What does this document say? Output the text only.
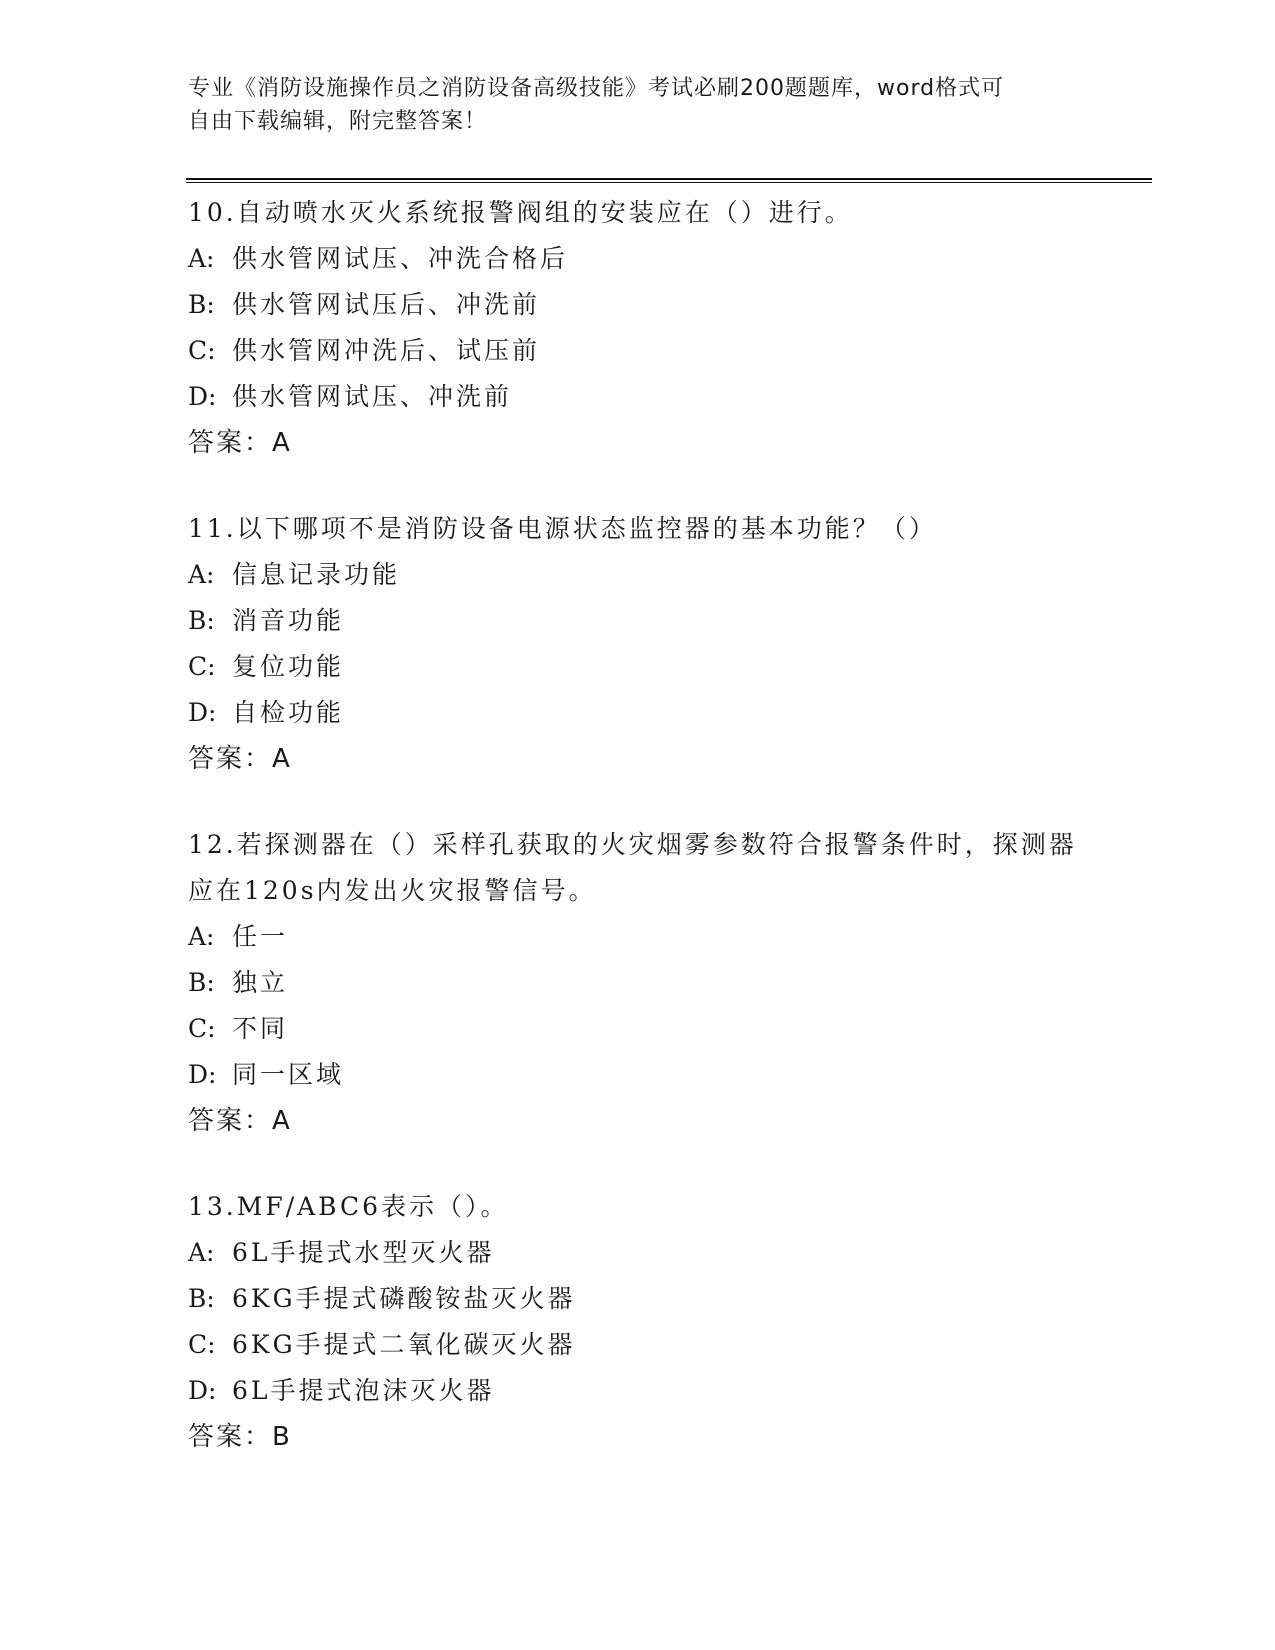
专业《消防设施操作员之消防设备高级技能》考试必刷200题题库，word格式可
自由下载编辑，附完整答案！

10.自动喷水灭火系统报警阀组的安装应在（）进行。

A: 供水管网试压、冲洗合格后

B: 供水管网试压后、冲洗前

C: 供水管网冲洗后、试压前

D: 供水管网试压、冲洗前

答案：A

11.以下哪项不是消防设备电源状态监控器的基本功能？（）

A: 信息记录功能

B: 消音功能

C: 复位功能

D: 自检功能

答案：A

12.若探测器在（）采样孔获取的火灾烟雾参数符合报警条件时，探测器应在120s内发出火灾报警信号。

A: 任一

B: 独立

C: 不同

D: 同一区域

答案：A

13.MF/ABC6表示（）。

A: 6L手提式水型灭火器

B: 6KG手提式磷酸铵盐灭火器

C: 6KG手提式二氧化碳灭火器

D: 6L手提式泡沫灭火器

答案：B
